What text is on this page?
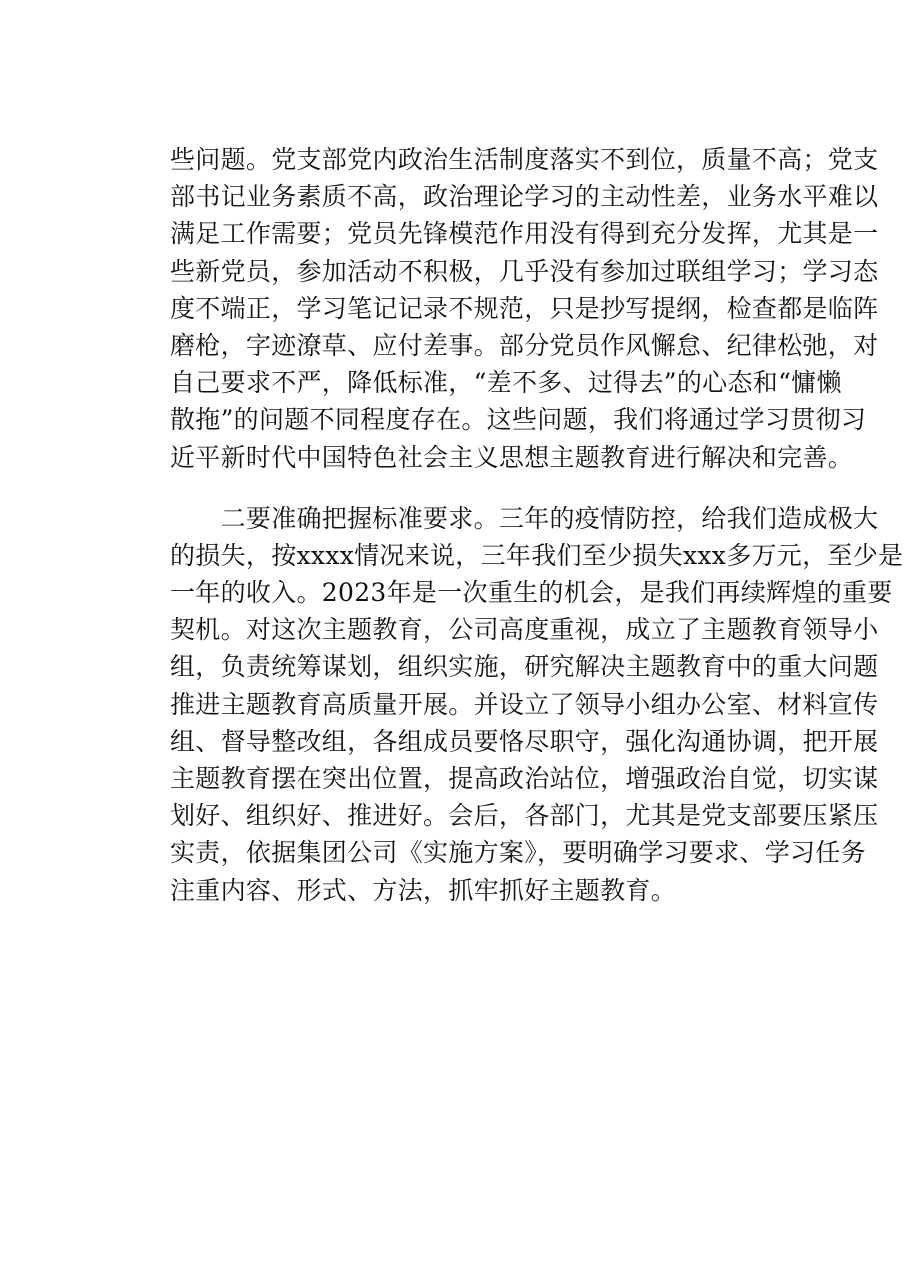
些问题。党支部党内政治生活制度落实不到位，质量不高；党支
部书记业务素质不高，政治理论学习的主动性差，业务水平难以
满足工作需要；党员先锋模范作用没有得到充分发挥，尤其是一
些新党员，参加活动不积极，几乎没有参加过联组学习；学习态
度不端正，学习笔记记录不规范，只是抄写提纲，检查都是临阵
磨枪，字迹潦草、应付差事。部分党员作风懈怠、纪律松弛，对
自己要求不严，降低标准，“差不多、过得去”的心态和“慵懒
散拖”的问题不同程度存在。这些问题，我们将通过学习贯彻习
近平新时代中国特色社会主义思想主题教育进行解决和完善。
　　二要准确把握标准要求。三年的疫情防控，给我们造成极大
的损失，按xxxx情况来说，三年我们至少损失xxx多万元，至少是
一年的收入。2023年是一次重生的机会，是我们再续辉煌的重要
契机。对这次主题教育，公司高度重视，成立了主题教育领导小
组，负责统筹谋划，组织实施，研究解决主题教育中的重大问题
推进主题教育高质量开展。并设立了领导小组办公室、材料宣传
组、督导整改组，各组成员要恪尽职守，强化沟通协调，把开展
主题教育摆在突出位置，提高政治站位，增强政治自觉，切实谋
划好、组织好、推进好。会后，各部门，尤其是党支部要压紧压
实责，依据集团公司《实施方案》，要明确学习要求、学习任务
注重内容、形式、方法，抓牢抓好主题教育。
